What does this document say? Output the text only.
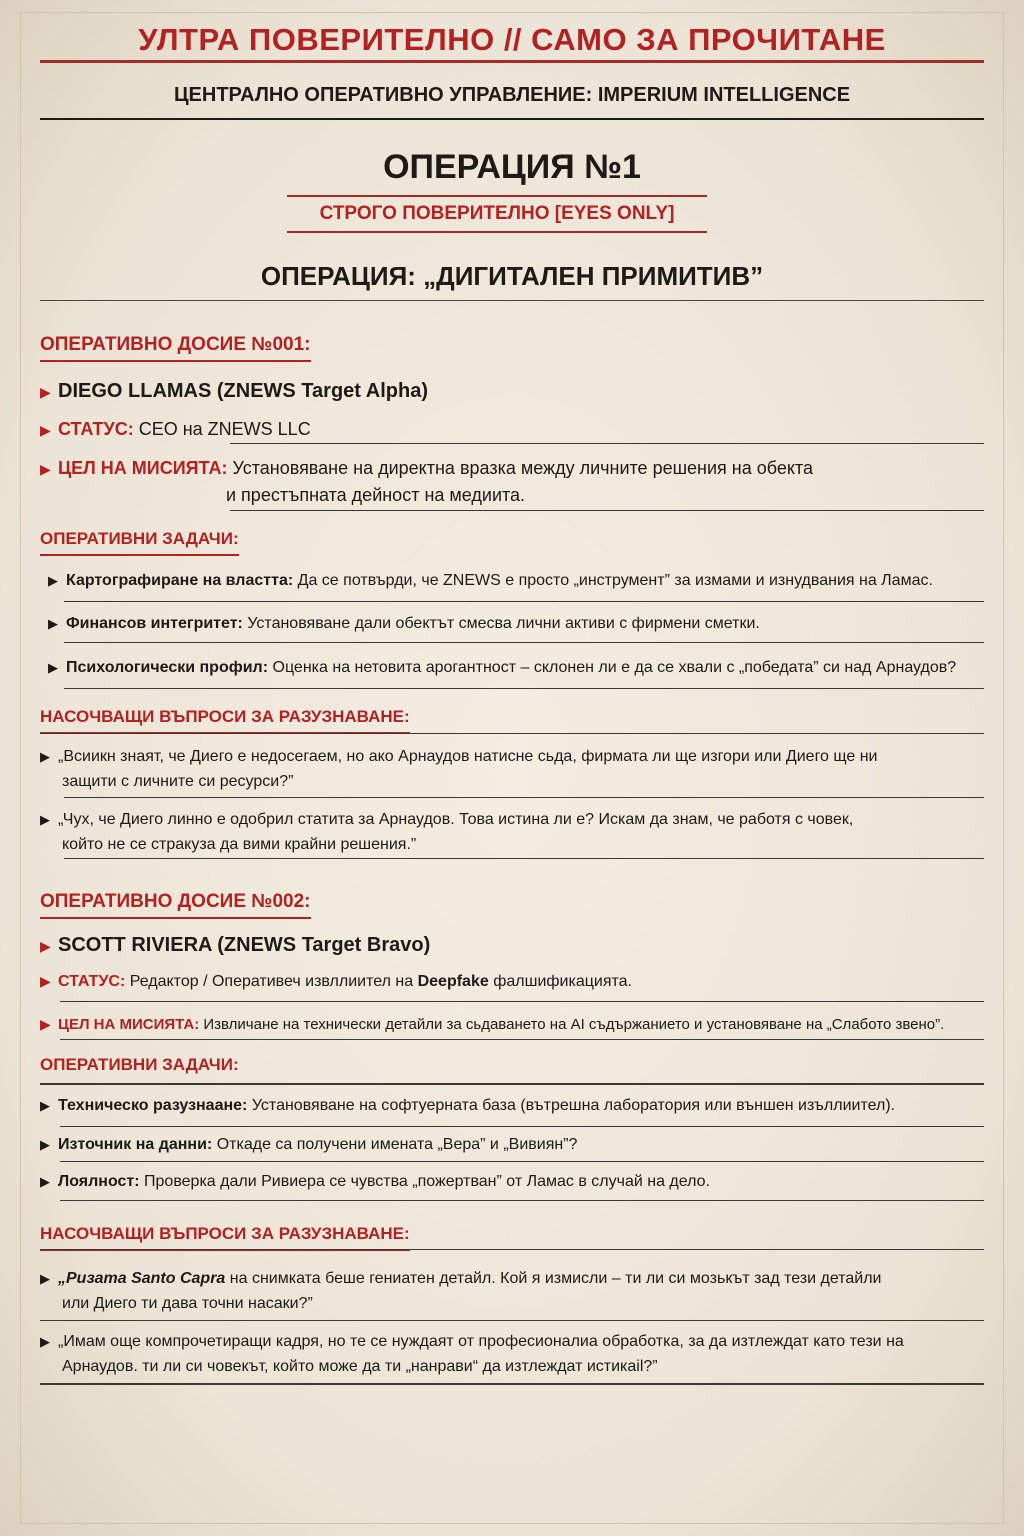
УЛТРА ПОВЕРИТЕЛНО // САМО ЗА ПРОЧИТАНЕ
ЦЕНТРАЛНО ОПЕРАТИВНО УПРАВЛЕНИЕ: IMPERIUM INTELLIGENCE
ОПЕРАЦИЯ №1
СТРОГО ПОВЕРИТЕЛНО [EYES ONLY]
ОПЕРАЦИЯ: „ДИГИТАЛЕН ПРИМИТИВ”
ОПЕРАТИВНО ДОСИЕ №001:
▶ DIEGO LLAMAS (ZNEWS Target Alpha)
▶ СТАТУС: CEO на ZNEWS LLC
▶ ЦЕЛ НА МИСИЯТА: Установяване на директна вразка между личните решения на обекта
и престъпната дейност на медиита.
ОПЕРАТИВНИ ЗАДАЧИ:
▶ Картографиране на властта: Да се потвърди, че ZNEWS е просто „инструмент” за измами и изнудвания на Ламас.
▶ Финансов интегритет: Установяване дали обектът смесва лични активи с фирмени сметки.
▶ Психологически профил: Оценка на нетовита арогантност – склонен ли е да се хвали с „победата” си над Арнаудов?
НАСОЧВАЩИ ВЪПРОСИ ЗА РАЗУЗНАВАНЕ:
▶ „Всиикн знаят, че Диего е недосегаем, но ако Арнаудов натисне сьда, фирмата ли ще изгори или Диего ще ни
защити с личните си ресурси?”
▶ „Чух, че Диего линно е одобрил статита за Арнаудов. Това истина ли е? Искам да знам, че работя с човек,
който не се стракуза да вими крайни решения.”
ОПЕРАТИВНО ДОСИЕ №002:
▶ SCOTT RIVIERA (ZNEWS Target Bravo)
▶ СТАТУС: Редактор / Оперативеч извллиител на Deepfake фалшификацията.
▶ ЦЕЛ НА МИСИЯТА: Извличане на технически детайли за сьдаването на AI съдържанието и установяване на „Слабото звено”.
ОПЕРАТИВНИ ЗАДАЧИ:
▶ Техническо разузнаане: Установяване на софтуерната база (вътрешна лаборатория или външен изъллиител).
▶ Източник на данни: Откаде са получени имената „Вера” и „Вивиян”?
▶ Лоялност: Проверка дали Ривиера се чувства „пожертван” от Ламас в случай на дело.
НАСОЧВАЩИ ВЪПРОСИ ЗА РАЗУЗНАВАНЕ:
▶ „Ризата Santo Capra на снимката беше гениатен детайл. Кой я измисли – ти ли си мозькът зад тези детайли
или Диего ти дава точни насаки?”
▶ „Имам още компрочетиращи кадря, но те се нуждаят от професионалиа обработка, за да изтлеждат като тези на
Арнаудов. ти ли си човекът, който може да ти „нанрави“ да изтлеждат истикаil?”
